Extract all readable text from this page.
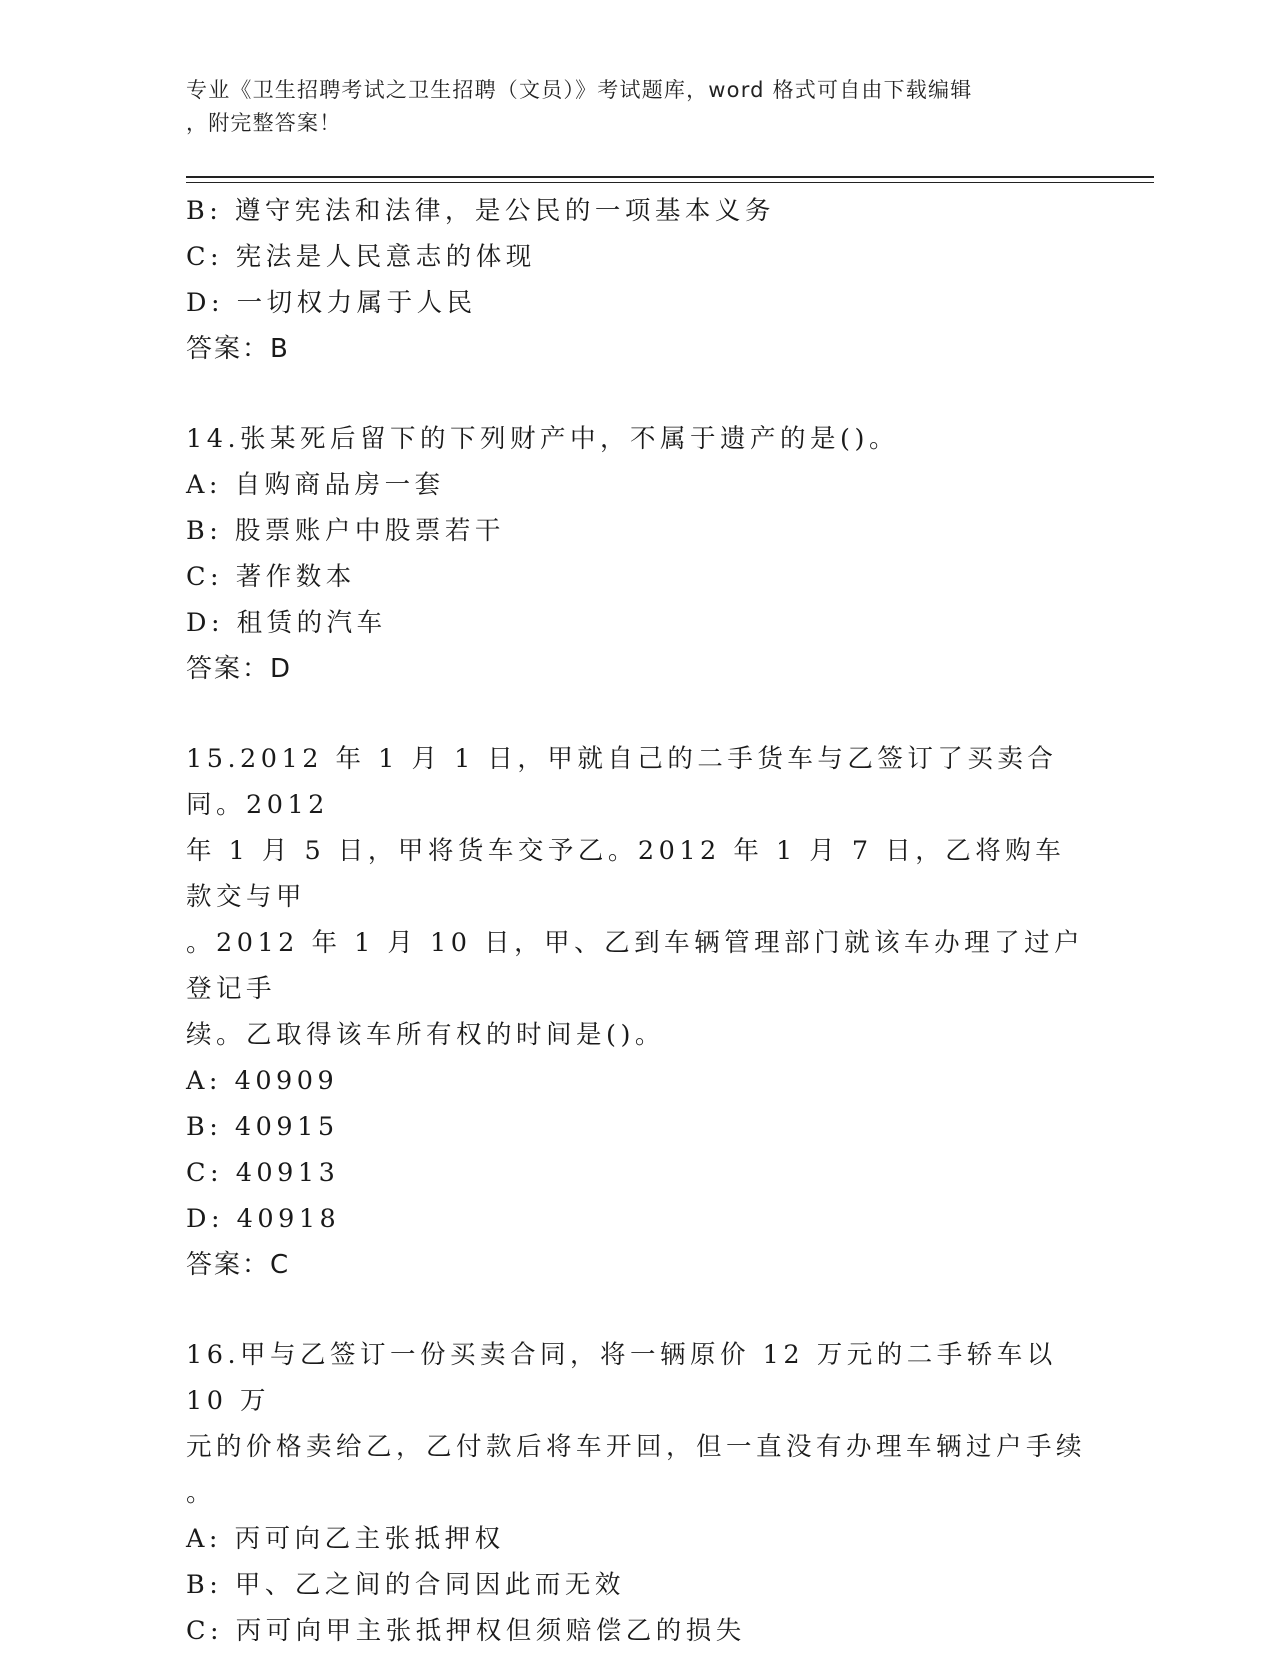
专业《卫生招聘考试之卫生招聘（文员）》考试题库，word 格式可自由下载编辑
，附完整答案！
B: 遵守宪法和法律，是公民的一项基本义务
C: 宪法是人民意志的体现
D: 一切权力属于人民
答案：B
14.张某死后留下的下列财产中，不属于遗产的是()。
A: 自购商品房一套
B: 股票账户中股票若干
C: 著作数本
D: 租赁的汽车
答案：D
15.2012 年 1 月 1 日，甲就自己的二手货车与乙签订了买卖合同。2012
年 1 月 5 日，甲将货车交予乙。2012 年 1 月 7 日，乙将购车款交与甲
。2012 年 1 月 10 日，甲、乙到车辆管理部门就该车办理了过户登记手
续。乙取得该车所有权的时间是()。
A: 40909
B: 40915
C: 40913
D: 40918
答案：C
16.甲与乙签订一份买卖合同，将一辆原价 12 万元的二手轿车以 10 万
元的价格卖给乙，乙付款后将车开回，但一直没有办理车辆过户手续
。
A: 丙可向乙主张抵押权
B: 甲、乙之间的合同因此而无效
C: 丙可向甲主张抵押权但须赔偿乙的损失
